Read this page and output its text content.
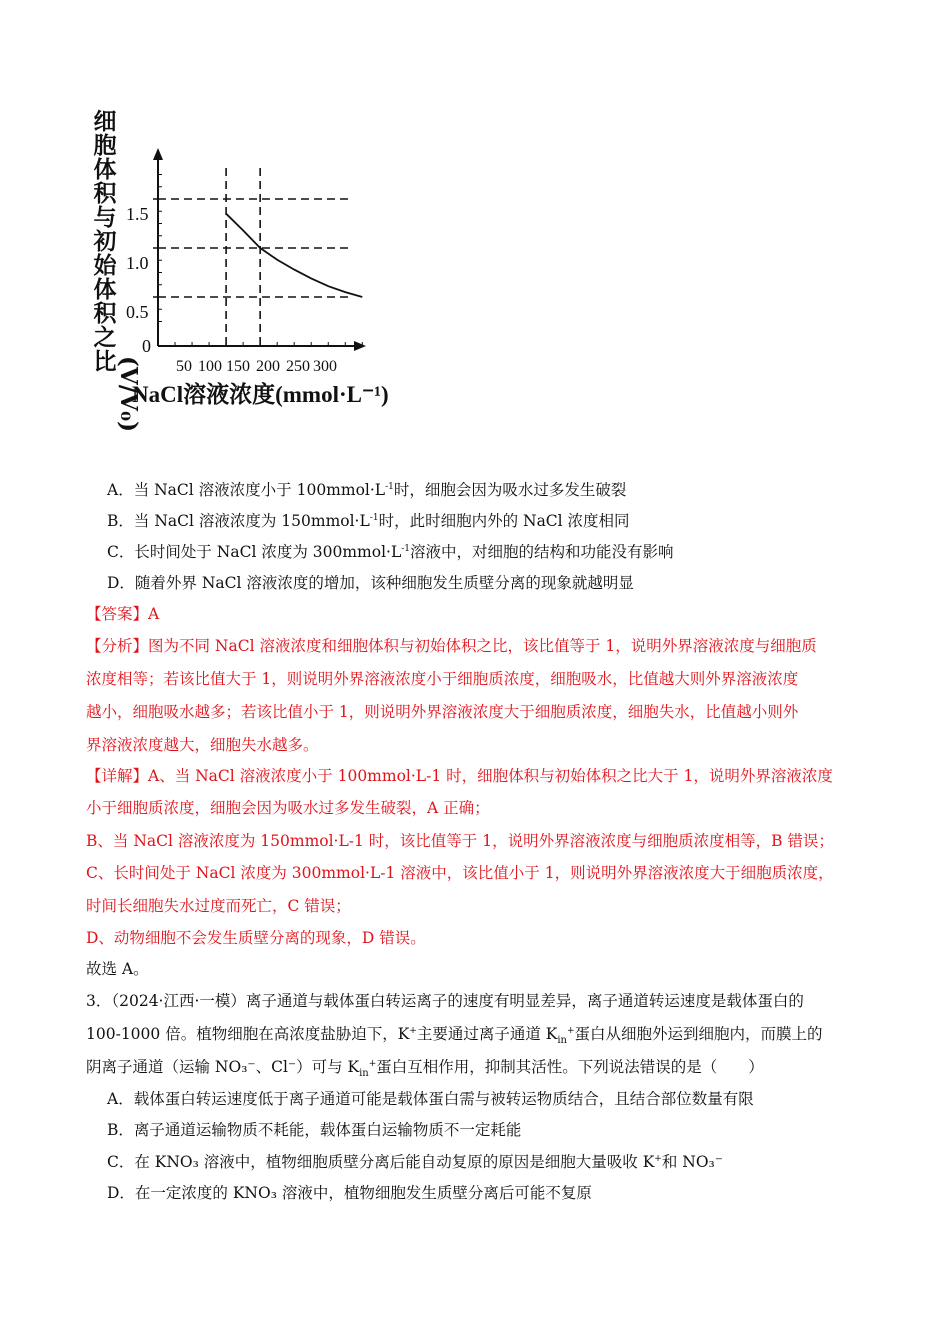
细胞体积与初始体积之比
(V/V₀)
1.5
1.0
0.5
0
50 100 150 200 250 300
NaCl溶液浓度(mmol·L⁻¹)
A．当 NaCl 溶液浓度小于 $100mmol\cdot L^{-1}$时，细胞会因为吸水过多发生破裂
B．当 NaCl 溶液浓度为 $150mmol\cdot L^{-1}$时，此时细胞内外的 NaCl 浓度相同
C．长时间处于 NaCl 浓度为 $300mmol\cdot L^{-1}$溶液中，对细胞的结构和功能没有影响
D．随着外界 NaCl 溶液浓度的增加，该种细胞发生质壁分离的现象就越明显
【答案】A
【分析】图为不同 NaCl 溶液浓度和细胞体积与初始体积之比，该比值等于 1，说明外界溶液浓度与细胞质
浓度相等；若该比值大于 1，则说明外界溶液浓度小于细胞质浓度，细胞吸水，比值越大则外界溶液浓度
越小，细胞吸水越多；若该比值小于 1，则说明外界溶液浓度大于细胞质浓度，细胞失水，比值越小则外
界溶液浓度越大，细胞失水越多。
【详解】A、当 NaCl 溶液浓度小于 100mmol·L-1 时，细胞体积与初始体积之比大于 1，说明外界溶液浓度
小于细胞质浓度，细胞会因为吸水过多发生破裂，A 正确；
B、当 NaCl 溶液浓度为 150mmol·L-1 时，该比值等于 1，说明外界溶液浓度与细胞质浓度相等，B 错误；
C、长时间处于 NaCl 浓度为 300mmol·L-1 溶液中，该比值小于 1，则说明外界溶液浓度大于细胞质浓度，
时间长细胞失水过度而死亡，C 错误；
D、动物细胞不会发生质壁分离的现象，D 错误。
故选 A。
3．（2024·江西·一模）离子通道与载体蛋白转运离子的速度有明显差异，离子通道转运速度是载体蛋白的
100-1000 倍。植物细胞在高浓度盐胁迫下，K+主要通过离子通道 $K_{in}^+$蛋白从细胞外运到细胞内，而膜上的
阴离子通道（运输 NO₃⁻、Cl⁻）可与 $K_{in}^+$蛋白互相作用，抑制其活性。下列说法错误的是（　　）
A．载体蛋白转运速度低于离子通道可能是载体蛋白需与被转运物质结合，且结合部位数量有限
B．离子通道运输物质不耗能，载体蛋白运输物质不一定耗能
C．在 KNO₃ 溶液中，植物细胞质壁分离后能自动复原的原因是细胞大量吸收 K+和 NO₃⁻
D．在一定浓度的 KNO₃ 溶液中，植物细胞发生质壁分离后可能不复原
